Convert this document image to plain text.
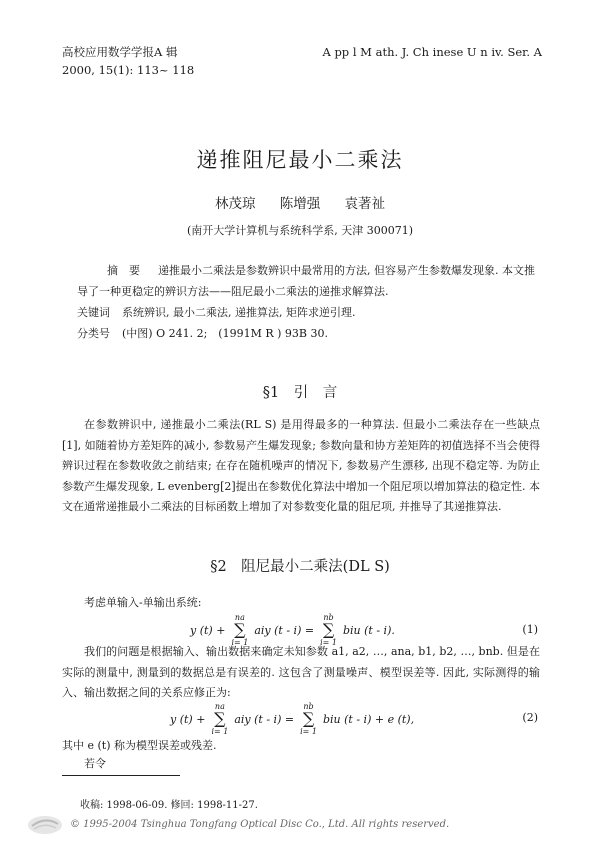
高校应用数学学报A 辑
2000, 15(1): 113~ 118
A pp l M ath. J. Ch inese U n iv. Ser. A
递推阻尼最小二乘法
林茂琼 陈增强 袁著祉
(南开大学计算机与系统科学系, 天津 300071)
摘　要 递推最小二乘法是参数辨识中最常用的方法, 但容易产生参数爆发现象. 本文推导了一种更稳定的辨识方法——阻尼最小二乘法的递推求解算法.
关键词 系统辨识, 最小二乘法, 递推算法, 矩阵求逆引理.
分类号 (中图) O 241. 2;　(1991M R ) 93B 30.
§1　引　言
在参数辨识中, 递推最小二乘法(RL S) 是用得最多的一种算法. 但最小二乘法存在一些缺点[1], 如随着协方差矩阵的减小, 参数易产生爆发现象; 参数向量和协方差矩阵的初值选择不当会使得辨识过程在参数收敛之前结束; 在存在随机噪声的情况下, 参数易产生漂移, 出现不稳定等. 为防止参数产生爆发现象, L evenberg[2]提出在参数优化算法中增加一个阻尼项以增加算法的稳定性. 本文在通常递推最小二乘法的目标函数上增加了对参数变化量的阻尼项, 并推导了其递推算法.
§2　阻尼最小二乘法(DL S)
考虑单输入-单输出系统:
y (t) +
na
∑
i= 1
aiy (t - i) =
nb
∑
i= 1
biu (t - i).	(1)
我们的问题是根据输入、输出数据来确定未知参数 a1, a2, …, ana, b1, b2, …, bnb. 但是在实际的测量中, 测量到的数据总是有误差的. 这包含了测量噪声、模型误差等. 因此, 实际测得的输入、输出数据之间的关系应修正为:
y (t) +
na
∑
i= 1
aiy (t - i) =
nb
∑
i= 1
biu (t - i) + e (t),	(2)
其中 e (t) 称为模型误差或残差.
若令
收稿: 1998-06-09. 修回: 1998-11-27.
© 1995-2004 Tsinghua Tongfang Optical Disc Co., Ltd. All rights reserved.
